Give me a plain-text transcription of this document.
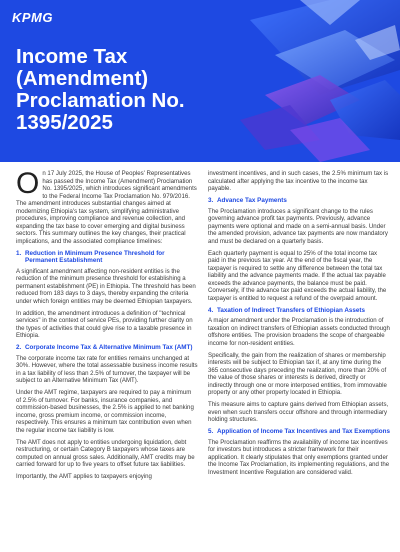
KPMG
Income Tax (Amendment)
Proclamation No.
1395/2025

On 17 July 2025, the House of Peoples' Representatives has passed the Income Tax (Amendment) Proclamation No. 1395/2025, which introduces significant amendments to the Federal Income Tax Proclamation No. 979/2016. The amendment introduces substantial changes aimed at modernizing Ethiopia's tax system, simplifying administrative procedures, improving compliance and revenue collection, and expanding the tax base to cover emerging and digital business sectors. This summary outlines the key changes, their practical implications, and the associated compliance timelines:

1. Reduction in Minimum Presence Threshold for Permanent Establishment

A significant amendment affecting non-resident entities is the reduction of the minimum presence threshold for establishing a permanent establishment (PE) in Ethiopia. The threshold has been reduced from 183 days to 3 days, thereby expanding the criteria under which foreign entities may be deemed Ethiopian taxpayers.

In addition, the amendment introduces a definition of "technical services" in the context of service PEs, providing further clarity on the types of activities that could give rise to a taxable presence in Ethiopia.

2. Corporate Income Tax & Alternative Minimum Tax (AMT)

The corporate income tax rate for entities remains unchanged at 30%. However, where the total assessable business income results in a tax liability of less than 2.5% of turnover, the taxpayer will be subject to an Alternative Minimum Tax (AMT).

Under the AMT regime, taxpayers are required to pay a minimum of 2.5% of turnover. For banks, insurance companies, and commission-based businesses, the 2.5% is applied to net banking income, gross premium income, or commission income, respectively. This ensures a minimum tax contribution even when the regular income tax liability is low.

The AMT does not apply to entities undergoing liquidation, debt restructuring, or certain Category B taxpayers whose taxes are computed on annual gross sales. Additionally, AMT credits may be carried forward for up to five years to offset future tax liabilities.

Importantly, the AMT applies to taxpayers enjoying

investment incentives, and in such cases, the 2.5% minimum tax is calculated after applying the tax incentive to the income tax payable.

3. Advance Tax Payments

The Proclamation introduces a significant change to the rules governing advance profit tax payments. Previously, advance payments were optional and made on a semi-annual basis. Under the amended provision, advance tax payments are now mandatory and must be declared on a quarterly basis.

Each quarterly payment is equal to 25% of the total income tax paid in the previous tax year. At the end of the fiscal year, the taxpayer is required to settle any difference between the total tax liability and the advance payments made. If the actual tax payable exceeds the advance payments, the balance must be paid. Conversely, if the advance tax paid exceeds the actual liability, the taxpayer is entitled to request a refund of the overpaid amount.

4. Taxation of Indirect Transfers of Ethiopian Assets

A major amendment under the Proclamation is the introduction of taxation on indirect transfers of Ethiopian assets conducted through offshore entities. The provision broadens the scope of chargeable income for non-resident entities.

Specifically, the gain from the realization of shares or membership interests will be subject to Ethiopian tax if, at any time during the 365 consecutive days preceding the realization, more than 20% of the value of those shares or interests is derived, directly or indirectly through one or more interposed entities, from immovable property or any other property located in Ethiopia.

This measure aims to capture gains derived from Ethiopian assets, even when such transfers occur offshore and through intermediary holding structures.

5. Application of Income Tax Incentives and Tax Exemptions

The Proclamation reaffirms the availability of income tax incentives for investors but introduces a stricter framework for their application. It clearly stipulates that only exemptions granted under the Income Tax Proclamation, its implementing regulations, and the Investment Incentive Regulation are considered valid.
